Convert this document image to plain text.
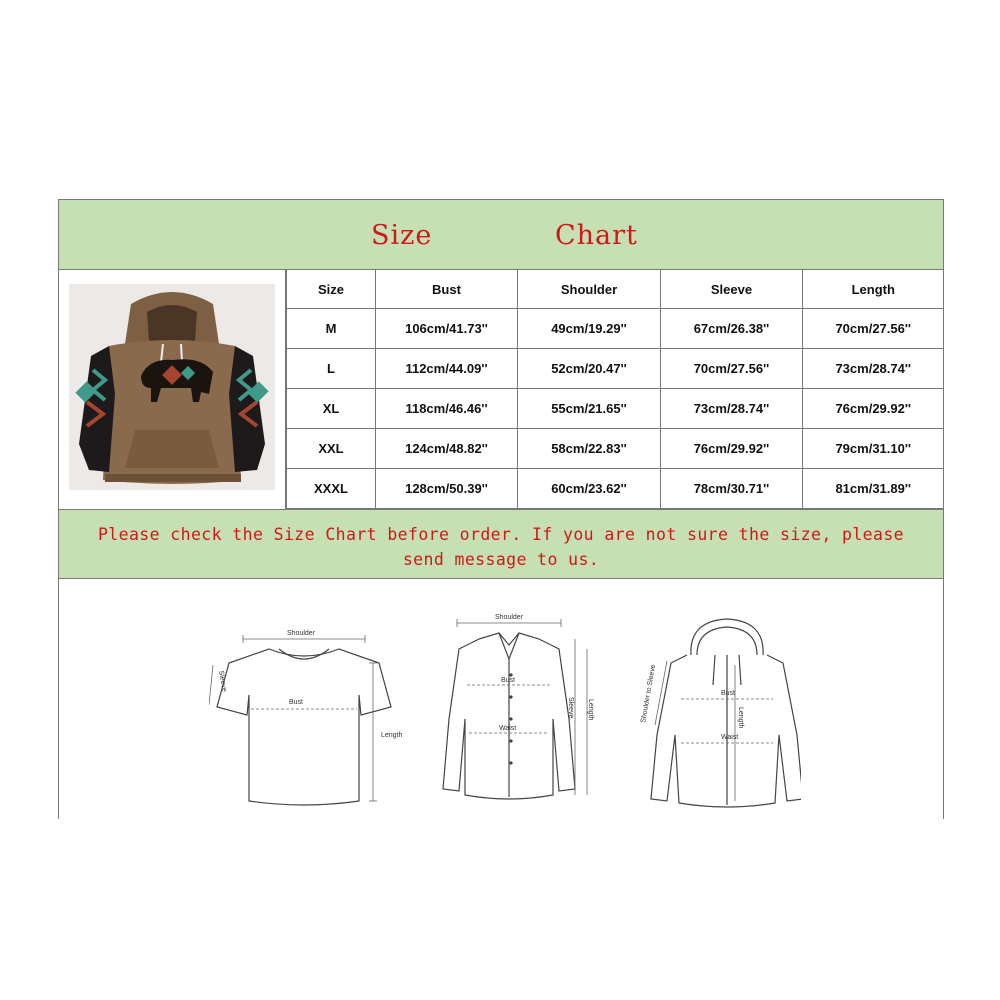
Size	Chart
Size	Bust	Shoulder	Sleeve	Length
M	106cm/41.73''	49cm/19.29''	67cm/26.38''	70cm/27.56''
L	112cm/44.09''	52cm/20.47''	70cm/27.56''	73cm/28.74''
XL	118cm/46.46''	55cm/21.65''	73cm/28.74''	76cm/29.92''
XXL	124cm/48.82''	58cm/22.83''	76cm/29.92''	79cm/31.10''
XXXL	128cm/50.39''	60cm/23.62''	78cm/30.71''	81cm/31.89''
Please check the Size Chart before order. If you are not sure the size, please
send message to us.
Shoulder
Bust
Length
Sleeve
Shoulder
Bust
Waist
Sleeve Length
Bust
Waist
Length
Shoulder to Sleeve
